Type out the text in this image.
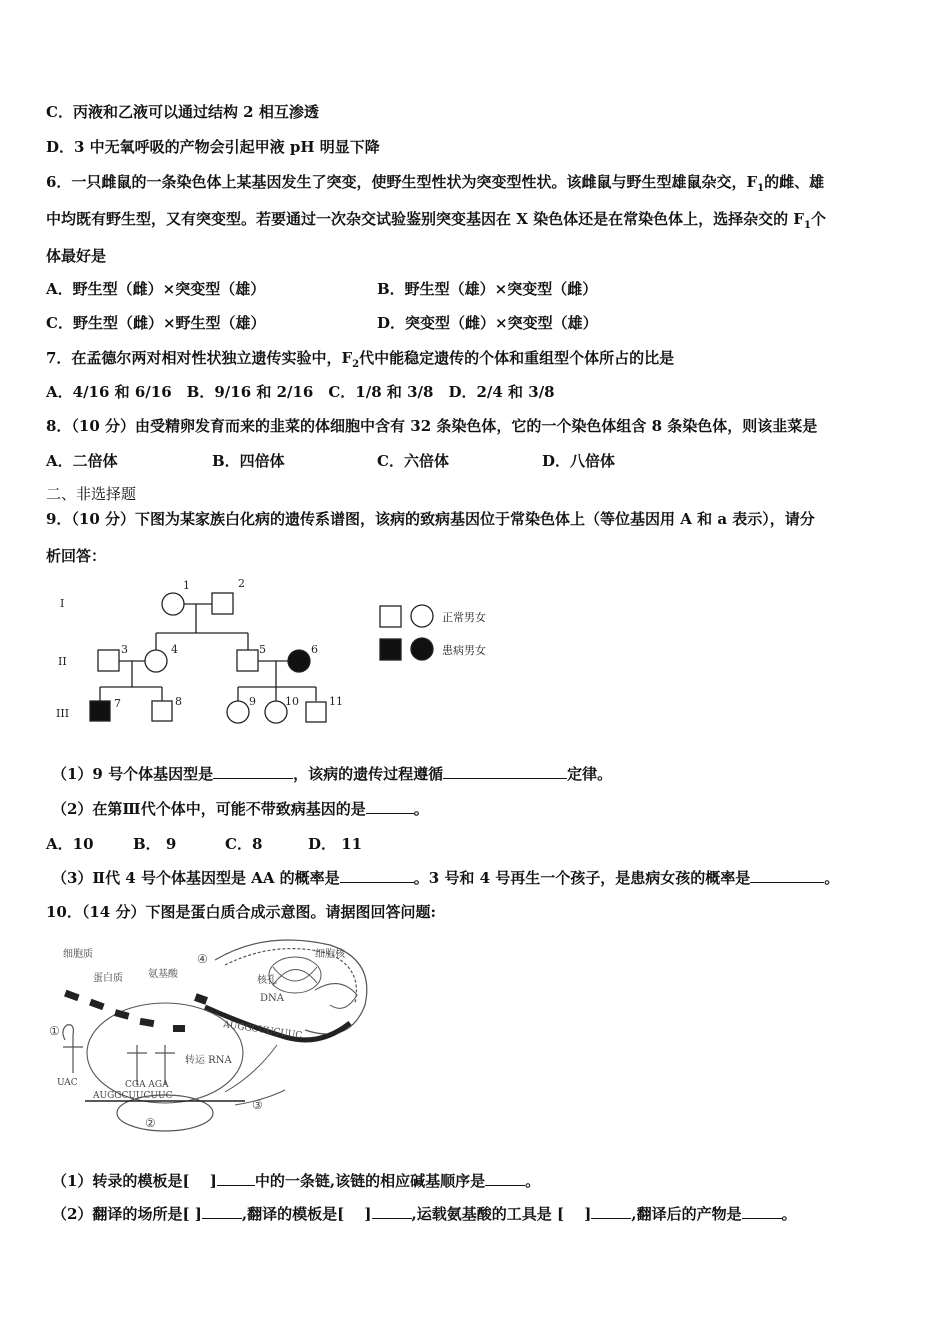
C．丙液和乙液可以通过结构 2 相互渗透
D．3 中无氧呼吸的产物会引起甲液 pH 明显下降
6．一只雌鼠的一条染色体上某基因发生了突变，使野生型性状为突变型性状。该雌鼠与野生型雄鼠杂交，$F_1$的雌、雄
中均既有野生型，又有突变型。若要通过一次杂交试验鉴别突变基因在 X 染色体还是在常染色体上，选择杂交的 $F_1$个
体最好是
A．野生型（雌）×突变型（雄）	B．野生型（雄）×突变型（雌）
C．野生型（雌）×野生型（雄）	D．突变型（雌）×突变型（雄）
7．在孟德尔两对相对性状独立遗传实验中，$F_2$代中能稳定遗传的个体和重组型个体所占的比是
A．4/16 和 6/16　B．9/16 和 2/16　C．1/8 和 3/8　D．2/4 和 3/8
8．（10 分）由受精卵发育而来的韭菜的体细胞中含有 32 条染色体，它的一个染色体组含 8 条染色体，则该韭菜是
A．二倍体	B．四倍体	C．六倍体	D．八倍体
二、非选择题
9．（10 分）下图为某家族白化病的遗传系谱图，该病的致病基因位于常染色体上（等位基因用 A 和 a 表示），请分
析回答：
I
II
III
1	2
3	4	5	6
7	8	9	10	11
正常男女
患病男女
（1）9 号个体基因型是	，该病的遗传过程遵循	定律。
（2）在第Ⅲ代个体中，可能不带致病基因的是	。
A．10	B． 9	C．8	D． 11
（3）Ⅱ代 4 号个体基因型是 AA 的概率是	。3 号和 4 号再生一个孩子，是患病女孩的概率是	。
10．（14 分）下图是蛋白质合成示意图。请据图回答问题:
细胞质
蛋白质	氨基酸
细胞核
核孔
DNA
转运 RNA
④
①
③
②
AUGGCUUCUUC
AUGGCUUCUUC
UAC	CGA AGA
（1）转录的模板是[　 ]	中的一条链,该链的相应碱基顺序是	。
（2）翻译的场所是[ ]	,翻译的模板是[　 ]	,运载氨基酸的工具是 [　 ]	,翻译后的产物是	。
